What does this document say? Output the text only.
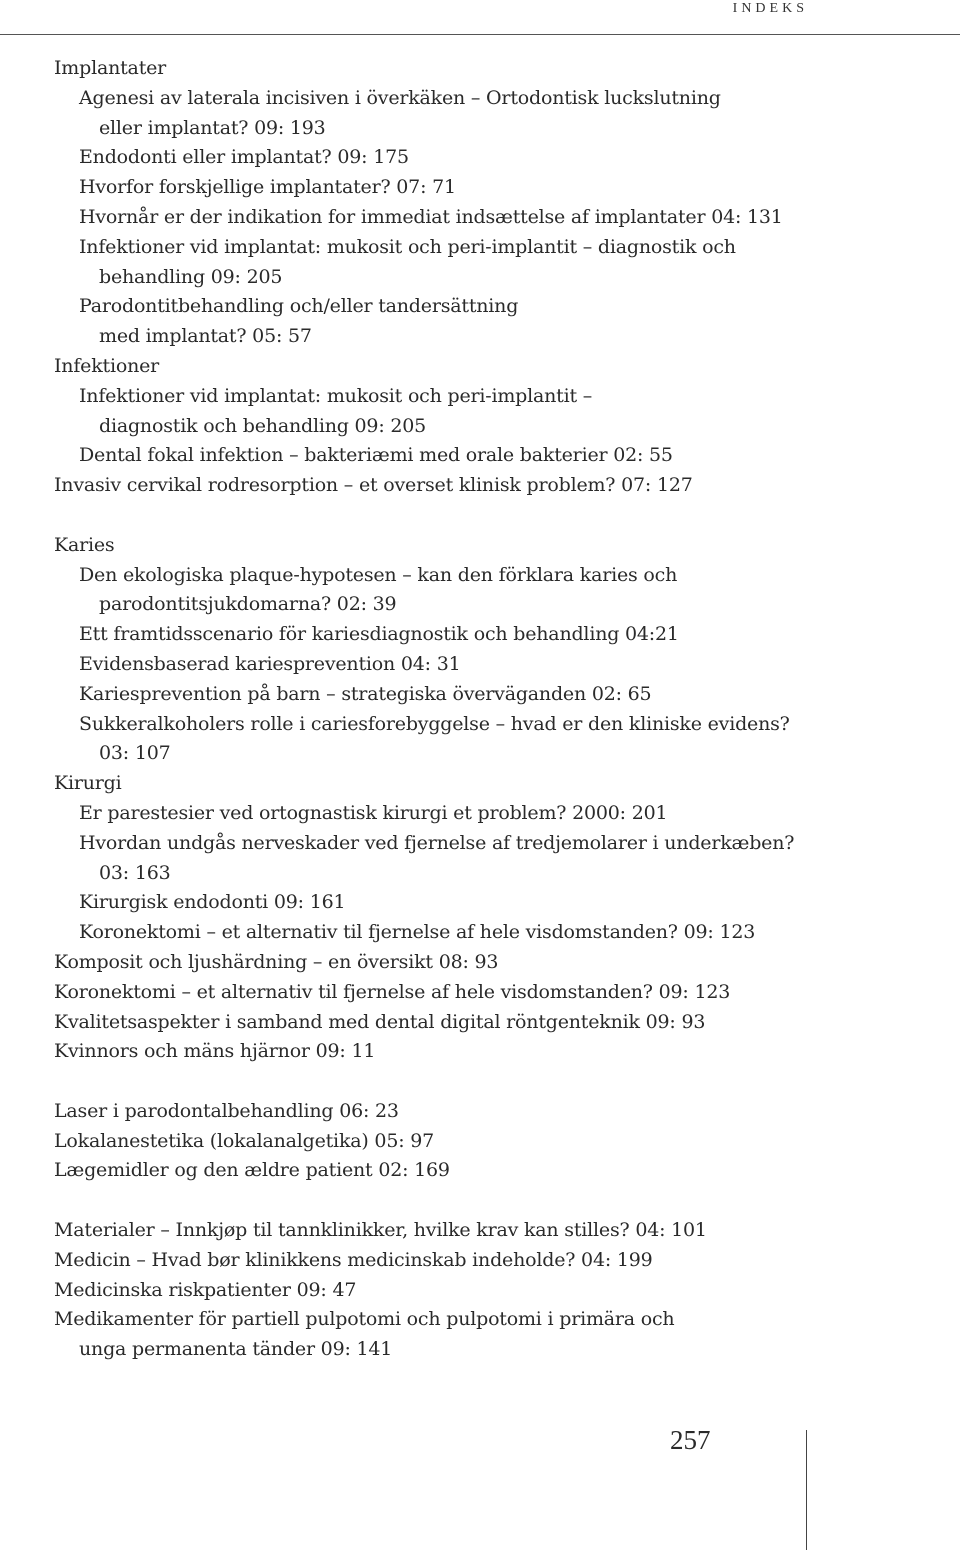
INDEKS
Implantater
Agenesi av laterala incisiven i överkäken – Ortodontisk luckslutning
eller implantat? 09: 193
Endodonti eller implantat? 09: 175
Hvorfor forskjellige implantater? 07: 71
Hvornår er der indikation for immediat indsættelse af implantater 04: 131
Infektioner vid implantat: mukosit och peri-implantit – diagnostik och
behandling 09: 205
Parodontitbehandling och/eller tandersättning
med implantat? 05: 57
Infektioner
Infektioner vid implantat: mukosit och peri-implantit –
diagnostik och behandling 09: 205
Dental fokal infektion – bakteriæmi med orale bakterier 02: 55
Invasiv cervikal rodresorption – et overset klinisk problem? 07: 127
Karies
Den ekologiska plaque-hypotesen – kan den förklara karies och
parodontitsjukdomarna? 02: 39
Ett framtidsscenario för kariesdiagnostik och behandling 04:21
Evidensbaserad kariesprevention 04: 31
Kariesprevention på barn – strategiska överväganden 02: 65
Sukkeralkoholers rolle i cariesforebyggelse – hvad er den kliniske evidens?
03: 107
Kirurgi
Er parestesier ved ortognastisk kirurgi et problem? 2000: 201
Hvordan undgås nerveskader ved fjernelse af tredjemolarer i underkæben?
03: 163
Kirurgisk endodonti 09: 161
Koronektomi – et alternativ til fjernelse af hele visdomstanden? 09: 123
Komposit och ljushärdning – en översikt 08: 93
Koronektomi – et alternativ til fjernelse af hele visdomstanden? 09: 123
Kvalitetsaspekter i samband med dental digital röntgenteknik 09: 93
Kvinnors och mäns hjärnor 09: 11
Laser i parodontalbehandling 06: 23
Lokalanestetika (lokalanalgetika) 05: 97
Lægemidler og den ældre patient 02: 169
Materialer – Innkjøp til tannklinikker, hvilke krav kan stilles? 04: 101
Medicin – Hvad bør klinikkens medicinskab indeholde? 04: 199
Medicinska riskpatienter 09: 47
Medikamenter för partiell pulpotomi och pulpotomi i primära och
unga permanenta tänder 09: 141
257
